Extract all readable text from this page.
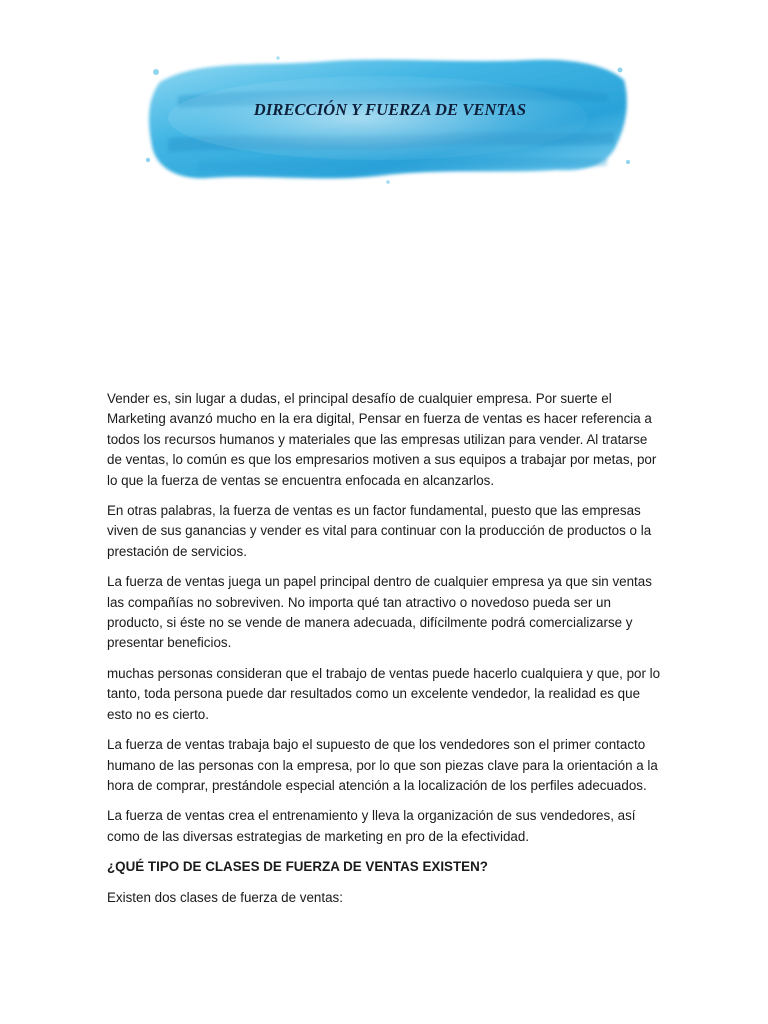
DIRECCIÓN Y FUERZA DE VENTAS

Vender es, sin lugar a dudas, el principal desafío de cualquier empresa. Por suerte el Marketing avanzó mucho en la era digital, Pensar en fuerza de ventas es hacer referencia a todos los recursos humanos y materiales que las empresas utilizan para vender. Al tratarse de ventas, lo común es que los empresarios motiven a sus equipos a trabajar por metas, por lo que la fuerza de ventas se encuentra enfocada en alcanzarlos.

En otras palabras, la fuerza de ventas es un factor fundamental, puesto que las empresas viven de sus ganancias y vender es vital para continuar con la producción de productos o la prestación de servicios.

La fuerza de ventas juega un papel principal dentro de cualquier empresa ya que sin ventas las compañías no sobreviven. No importa qué tan atractivo o novedoso pueda ser un producto, si éste no se vende de manera adecuada, difícilmente podrá comercializarse y presentar beneficios.

muchas personas consideran que el trabajo de ventas puede hacerlo cualquiera y que, por lo tanto, toda persona puede dar resultados como un excelente vendedor, la realidad es que esto no es cierto.

La fuerza de ventas trabaja bajo el supuesto de que los vendedores son el primer contacto humano de las personas con la empresa, por lo que son piezas clave para la orientación a la hora de comprar, prestándole especial atención a la localización de los perfiles adecuados.

La fuerza de ventas crea el entrenamiento y lleva la organización de sus vendedores, así como de las diversas estrategias de marketing en pro de la efectividad.

¿QUÉ TIPO DE CLASES DE FUERZA DE VENTAS EXISTEN?

Existen dos clases de fuerza de ventas:
